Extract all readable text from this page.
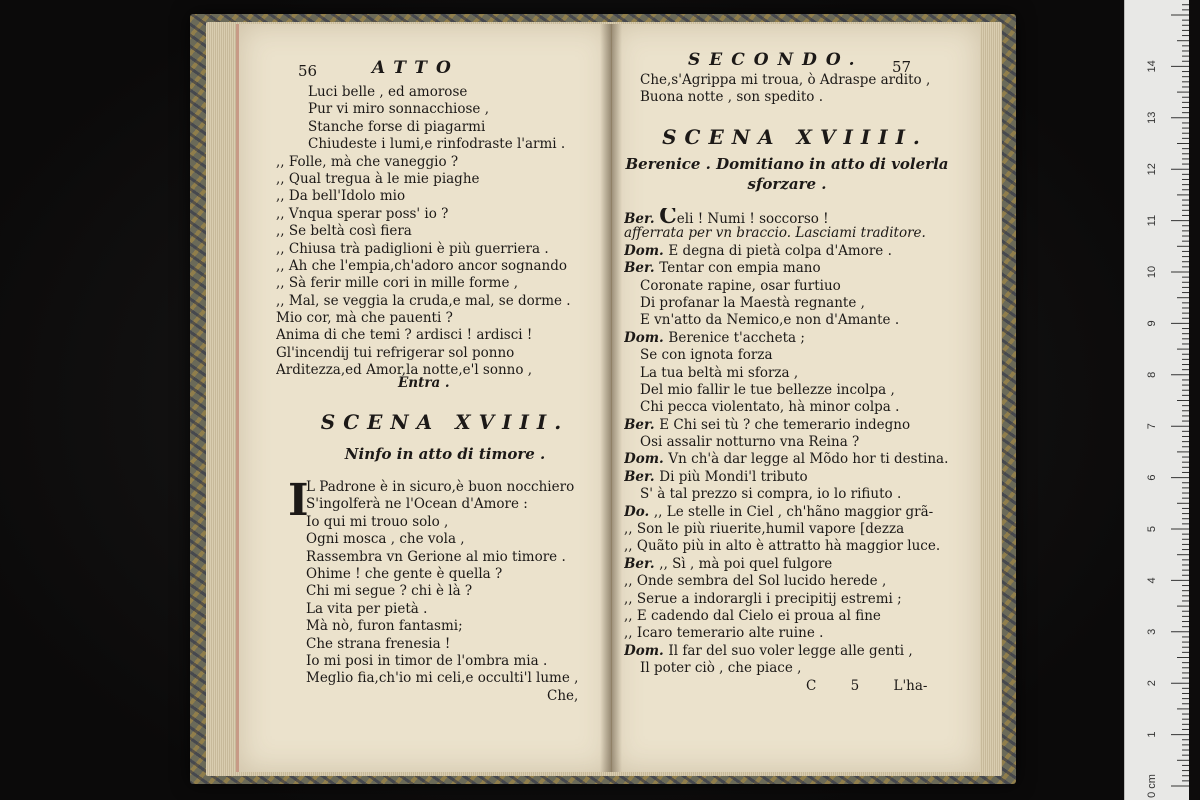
56	ATTO
Luci belle , ed amorose
Pur vi miro sonnacchiose ,
Stanche forse di piagarmi
Chiudeste i lumi,e rinfodraste l'armi .
,, Folle, mà che vaneggio ?
,, Qual tregua à le mie piaghe
,, Da bell'Idolo mio
,, Vnqua sperar poss' io ?
,, Se beltà così fiera
,, Chiusa trà padiglioni è più guerriera .
,, Ah che l'empia,ch'adoro ancor sognando
,, Sà ferir mille cori in mille forme ,
,, Mal, se veggia la cruda,e mal, se dorme .
Mio cor, mà che pauenti ?
Anima di che temi ? ardisci ! ardisci !
Gl'incendij tui refrigerar sol ponno
Arditezza,ed Amor,la notte,e'l sonno ,
Entra .
SCENA XVIII.
Ninfo in atto di timore .
I
L Padrone è in sicuro,è buon nocchiero
S'ingolferà ne l'Ocean d'Amore :
Io qui mi trouo solo ,
Ogni mosca , che vola ,
Rassembra vn Gerione al mio timore .
Ohime ! che gente è quella ?
Chi mi segue ? chi è là ?
La vita per pietà .
Mà nò, furon fantasmi;
Che strana frenesia !
Io mi posi in timor de l'ombra mia .
Meglio fia,ch'io mi celi,e occulti'l lume ,
Che,
SECONDO. 57
Che,s'Agrippa mi troua, ò Adraspe ardito ,
Buona notte , son spedito .
SCENA XVIIII.
Berenice . Domitiano in atto di volerla
sforzare .
Ber. Celi ! Numi ! soccorso !
afferrata per vn braccio. Lasciami traditore.
Dom. E degna di pietà colpa d'Amore .
Ber. Tentar con empia mano
Coronate rapine, osar furtiuo
Di profanar la Maestà regnante ,
E vn'atto da Nemico,e non d'Amante .
Dom. Berenice t'accheta ;
Se con ignota forza
La tua beltà mi sforza ,
Del mio fallir le tue bellezze incolpa ,
Chi pecca violentato, hà minor colpa .
Ber. E Chi sei tù ? che temerario indegno
Osi assalir notturno vna Reina ?
Dom. Vn ch'à dar legge al Mõdo hor ti destina.
Ber. Di più Mondi'l tributo
S' à tal prezzo si compra, io lo rifiuto .
Do. ,, Le stelle in Ciel , ch'hãno maggior grã-
,, Son le più riuerite,humil vapore [dezza
,, Quãto più in alto è attratto hà maggior luce.
Ber. ,, Sì , mà poi quel fulgore
,, Onde sembra del Sol lucido herede ,
,, Serue a indorargli i precipitij estremi ;
,, E cadendo dal Cielo ei proua al fine
,, Icaro temerario alte ruine .
Dom. Il far del suo voler legge alle genti ,
Il poter ciò , che piace ,
C 5 L'ha-
0 cm
1
2
3
4
5
6
7
8
9
10
11
12
13
14
